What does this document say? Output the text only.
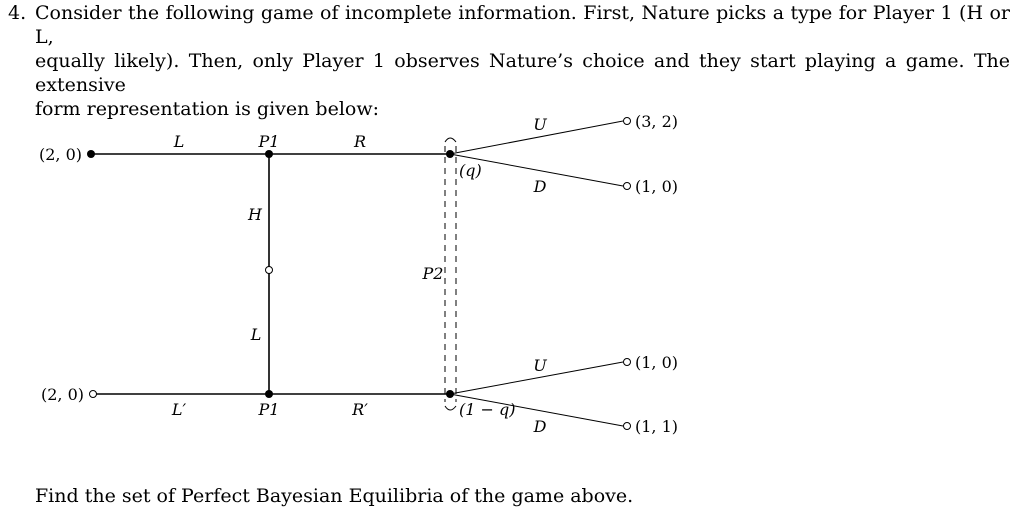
4. Consider the following game of incomplete information. First, Nature picks a type for Player 1 (H or L,
equally likely). Then, only Player 1 observes Nature’s choice and they start playing a game. The extensive
form representation is given below:
(2, 0)
(2, 0)
L	P1	R
H
L
L′	P1	R′
P2
(q)
(1 − q)
U
D
U
D
(3, 2)
(1, 0)
(1, 0)
(1, 1)
Find the set of Perfect Bayesian Equilibria of the game above.
